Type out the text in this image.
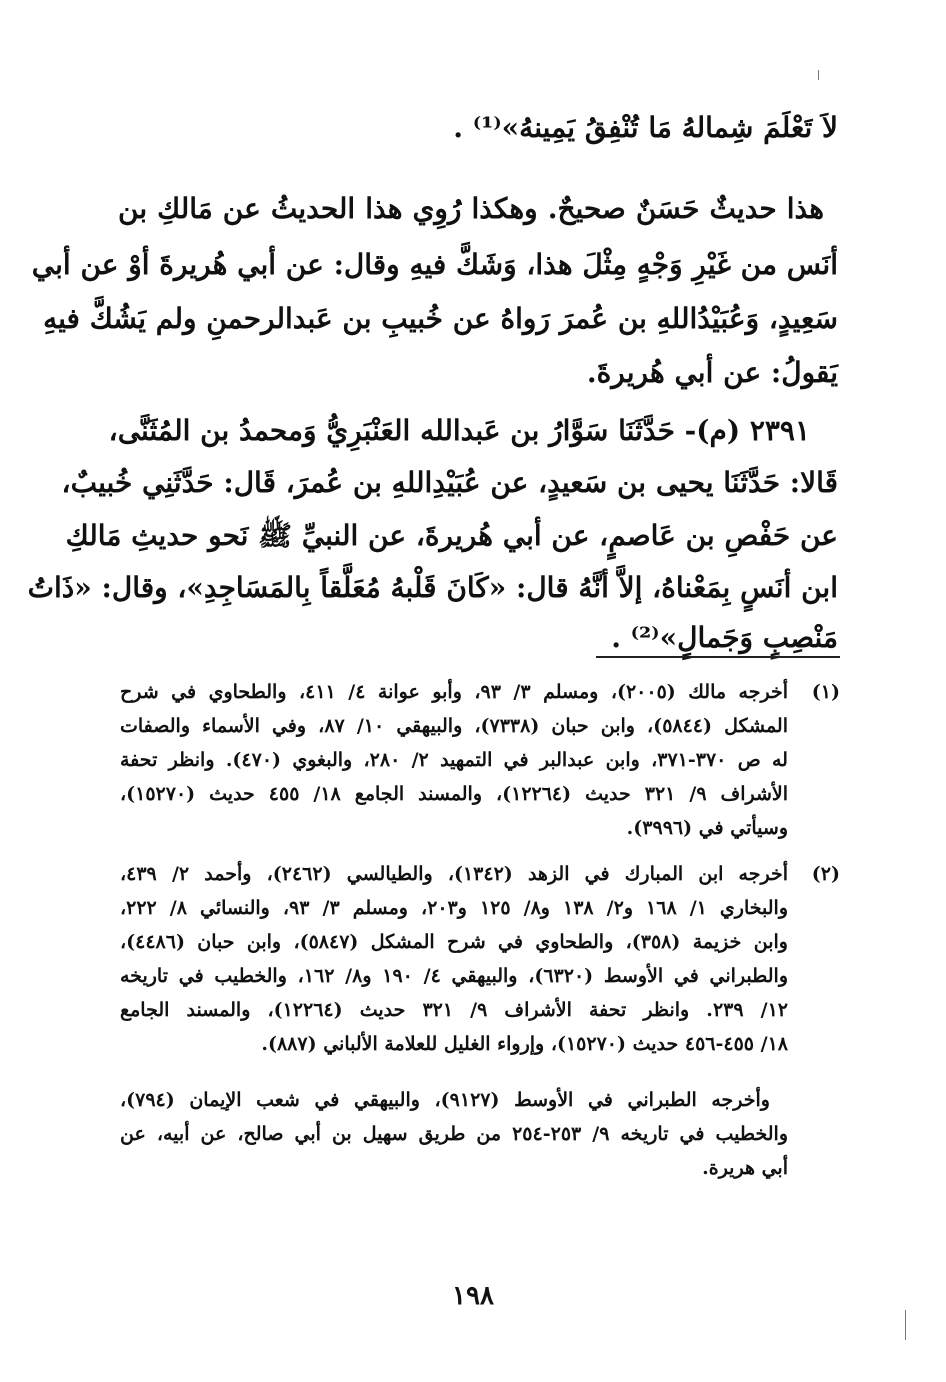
لاَ تَعْلَمَ شِمالهُ مَا تُنْفِقُ يَمِينهُ»⁽¹⁾ .
هذا حديثٌ حَسَنٌ صحيحٌ. وهكذا رُوِي هذا الحديثُ عن مَالكِ بن
أنَس من غَيْرِ وَجْهٍ مِثْلَ هذا، وَشَكَّ فيهِ وقال: عن أبي هُريرةَ أوْ عن أبي
سَعِيدٍ، وَعُبَيْدُاللهِ بن عُمرَ رَواهُ عن خُبيبِ بن عَبدالرحمنِ ولم يَشُكَّ فيهِ
يَقولُ: عن أبي هُريرةَ.
٢٣٩١ (م)- حَدَّثَنَا سَوَّارُ بن عَبدالله العَنْبَرِيُّ وَمحمدُ بن المُثَنَّى،
قَالا: حَدَّثَنَا يحيى بن سَعيدٍ، عن عُبَيْدِاللهِ بن عُمرَ، قَال: حَدَّثَنِي خُبيبٌ،
عن حَفْصِ بن عَاصمٍ، عن أبي هُريرةَ، عن النبيِّ ﷺ نَحو حديثِ مَالكِ
ابن أنَسٍ بِمَعْناهُ، إلاَّ أنَّهُ قال: «كَانَ قَلْبهُ مُعَلَّقاً بِالمَسَاجِدِ»، وقال: «ذَاتُ
مَنْصِبٍ وَجَمالٍ»⁽²⁾ .
(١)
أخرجه مالك (٢٠٠٥)، ومسلم ٣/ ٩٣، وأبو عوانة ٤/ ٤١١، والطحاوي في شرح
المشكل (٥٨٤٤)، وابن حبان (٧٣٣٨)، والبيهقي ١٠/ ٨٧، وفي الأسماء والصفات
له ص ٣٧٠-٣٧١، وابن عبدالبر في التمهيد ٢/ ٢٨٠، والبغوي (٤٧٠). وانظر تحفة
الأشراف ٩/ ٣٢١ حديث (١٢٢٦٤)، والمسند الجامع ١٨/ ٤٥٥ حديث (١٥٢٧٠)،
وسيأتي في (٣٩٩٦).
(٢)
أخرجه ابن المبارك في الزهد (١٣٤٢)، والطيالسي (٢٤٦٢)، وأحمد ٢/ ٤٣٩،
والبخاري ١/ ١٦٨ و٢/ ١٣٨ و٨/ ١٢٥ و٢٠٣، ومسلم ٣/ ٩٣، والنسائي ٨/ ٢٢٢،
وابن خزيمة (٣٥٨)، والطحاوي في شرح المشكل (٥٨٤٧)، وابن حبان (٤٤٨٦)،
والطبراني في الأوسط (٦٣٢٠)، والبيهقي ٤/ ١٩٠ و٨/ ١٦٢، والخطيب في تاريخه
١٢/ ٢٣٩. وانظر تحفة الأشراف ٩/ ٣٢١ حديث (١٢٢٦٤)، والمسند الجامع
١٨/ ٤٥٥-٤٥٦ حديث (١٥٢٧٠)، وإرواء الغليل للعلامة الألباني (٨٨٧).
وأخرجه الطبراني في الأوسط (٩١٢٧)، والبيهقي في شعب الإيمان (٧٩٤)،
والخطيب في تاريخه ٩/ ٢٥٣-٢٥٤ من طريق سهيل بن أبي صالح، عن أبيه، عن
أبي هريرة.
١٩٨
